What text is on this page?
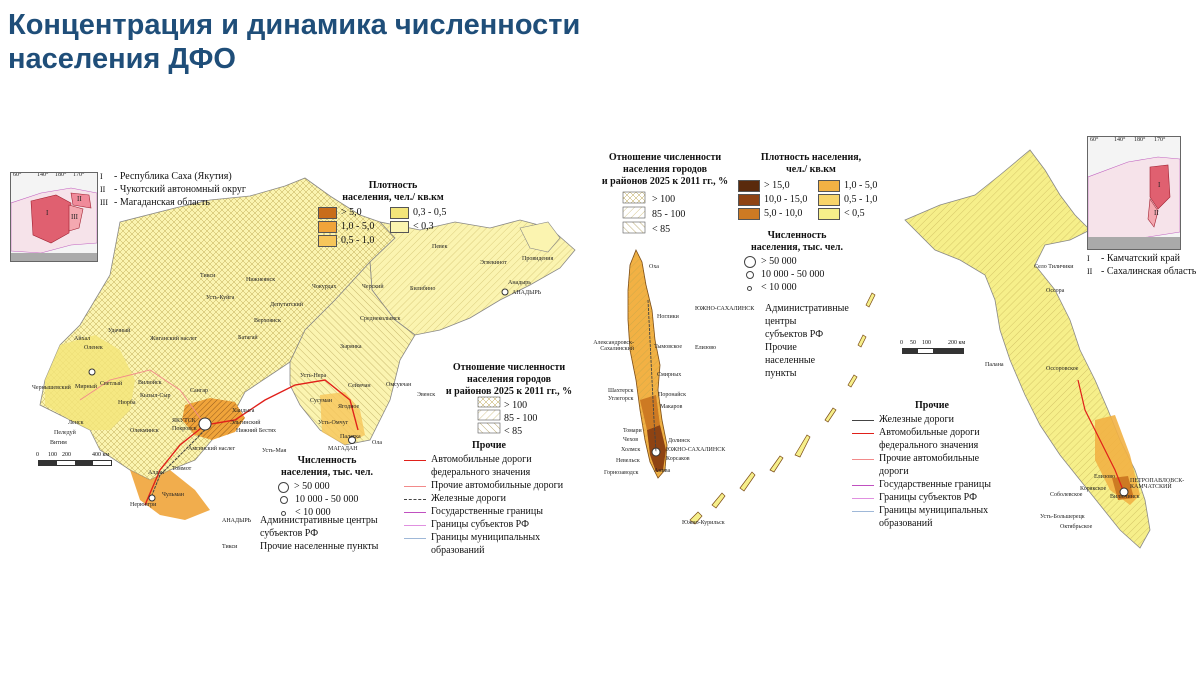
Концентрация и динамика численности
населения ДФО
60°	140° 180° 170°
I
II
III
I	- Республика Саха (Якутия)
II - Чукотский автономный округ
III - Магаданская область
Плотность
населения, чел./ кв.км
> 5,0	0,3 - 0,5
1,0 - 5,0	< 0,3
0,5 - 1,0
Отношение численности
населения городов
и районов 2025 к 2011 гг., %
> 100
85 - 100
< 85
Численность
населения, тыс. чел.
> 50 000
10 000 - 50 000
< 10 000
АНАДЫРЬ Административные центры
субъектов РФ
Тикси	Прочие населенные пункты
Прочие
Автомобильные дороги
федерального значения
Прочие автомобильные дороги
Железные дороги
Государственные границы
Границы субъектов РФ
Границы муниципальных
образований
0 100 200	400 км
Тикси
Певек
Эгвекинот
Анадырь
Провидения
АНАДЫРЬ
Черский	Билибино
Усть-Куйга
Депутатский
Чокурдах
Нижнеянск
Батагай
Жиганский наслег
Оленек
Айхал
Удачный
Мирный
Среднеколымск
Зырянка
Вилюйск
Сангар
Хандыга
ЯКУТСК
Покровск
Усть-Нера
Сеймчан
Сусуман
Ягодное
Омсукчан
Эвенск
Палатка
Ола
МАГАДАН
Ленск
Олекминск
Алдан
Томмот
Нерюнгри
Чульман
Витим
Пеледуй
Светлый
Чернышевский
Нюрба
Кызыл-Сыр
Амгинский наслег	Усть-Мая
Усть-Омчуг
Нижний Бестях
Верхоянск
Эльгинский
Отношение численности
населения городов
и районов 2025 к 2011 гг., %
> 100
85 - 100
< 85
Плотность населения,
чел./ кв.км
> 15,0	1,0 - 5,0
10,0 - 15,0	0,5 - 1,0
5,0 - 10,0	< 0,5
Численность
населения, тыс. чел.
> 50 000
10 000 - 50 000
< 10 000
ЮЖНО-САХАЛИНСК	Административные
центры
субъектов РФ
Елизово	Прочие
населенные
пункты
Прочие
Железные дороги
Автомобильные дороги
федерального значения
Прочие автомобильные
дороги
Государственные границы
Границы субъектов РФ
Границы муниципальных
образований
60°	140° 180° 170°
I
II
I	- Камчатский край
II - Сахалинская область
0 50 100	200 км
Оха
Ноглики
Александровск-Сахалинский	Тымовское
Смирных
Шахтерск
Углегорск
Поронайск
Макаров
Томари
Чехов
Холмск
Невельск
Горнозаводск
Долинск
ЮЖНО-САХАЛИНСК
Корсаков
Анива
Южно-Курильск
Село Тиличики
Оссора
Палана
Оссоровское
Елизово
Соболевское
Усть-Большерецк
Октябрьское
Корякское
Вилючинск
ПЕТРОПАВЛОВСК-КАМЧАТСКИЙ
